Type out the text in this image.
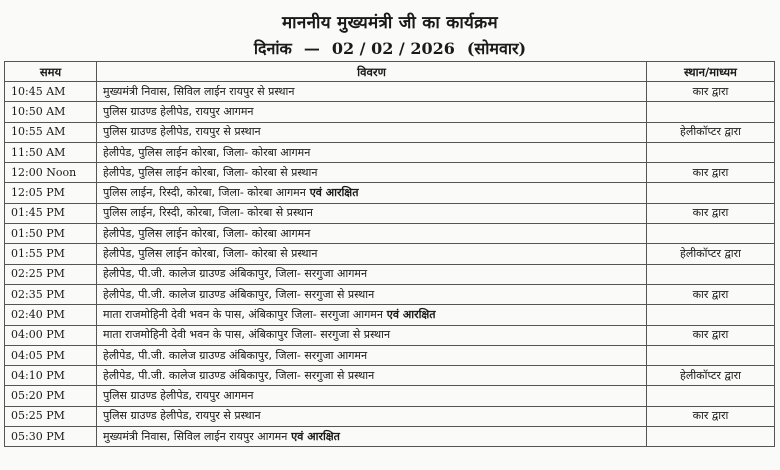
माननीय मुख्यमंत्री जी का कार्यक्रम
दिनांक — 02 / 02 / 2026 (सोमवार)
समय	विवरण	स्थान/माध्यम
10:45 AM	मुख्यमंत्री निवास, सिविल लाईन रायपुर से प्रस्थान	कार द्वारा
10:50 AM	पुलिस ग्राउण्ड हेलीपेड, रायपुर आगमन	
10:55 AM	पुलिस ग्राउण्ड हेलीपेड, रायपुर से प्रस्थान	हेलीकॉप्टर द्वारा
11:50 AM	हेलीपेड, पुलिस लाईन कोरबा, जिला- कोरबा आगमन	
12:00 Noon	हेलीपेड, पुलिस लाईन कोरबा, जिला- कोरबा से प्रस्थान	कार द्वारा
12:05 PM	पुलिस लाईन, रिस्दी, कोरबा, जिला- कोरबा आगमन एवं आरक्षित	
01:45 PM	पुलिस लाईन, रिस्दी, कोरबा, जिला- कोरबा से प्रस्थान	कार द्वारा
01:50 PM	हेलीपेड, पुलिस लाईन कोरबा, जिला- कोरबा आगमन	
01:55 PM	हेलीपेड, पुलिस लाईन कोरबा, जिला- कोरबा से प्रस्थान	हेलीकॉप्टर द्वारा
02:25 PM	हेलीपेड, पी.जी. कालेज ग्राउण्ड अंबिकापुर, जिला- सरगुजा आगमन	
02:35 PM	हेलीपेड, पी.जी. कालेज ग्राउण्ड अंबिकापुर, जिला- सरगुजा से प्रस्थान	कार द्वारा
02:40 PM	माता राजमोहिनी देवी भवन के पास, अंबिकापुर जिला- सरगुजा आगमन एवं आरक्षित	
04:00 PM	माता राजमोहिनी देवी भवन के पास, अंबिकापुर जिला- सरगुजा से प्रस्थान	कार द्वारा
04:05 PM	हेलीपेड, पी.जी. कालेज ग्राउण्ड अंबिकापुर, जिला- सरगुजा आगमन	
04:10 PM	हेलीपेड, पी.जी. कालेज ग्राउण्ड अंबिकापुर, जिला- सरगुजा से प्रस्थान	हेलीकॉप्टर द्वारा
05:20 PM	पुलिस ग्राउण्ड हेलीपेड, रायपुर आगमन	
05:25 PM	पुलिस ग्राउण्ड हेलीपेड, रायपुर से प्रस्थान	कार द्वारा
05:30 PM	मुख्यमंत्री निवास, सिविल लाईन रायपुर आगमन एवं आरक्षित	
